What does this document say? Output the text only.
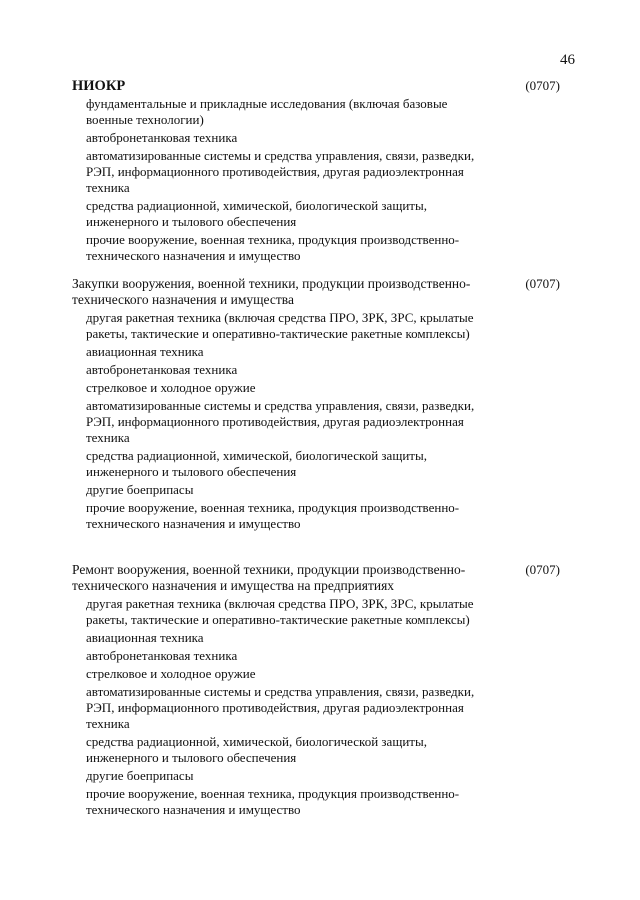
46
НИОКР	(0707)
фундаментальные и прикладные исследования (включая базовые военные технологии)
автобронетанковая техника
автоматизированные системы и средства управления, связи, разведки, РЭП, информационного противодействия, другая радиоэлектронная техника
средства радиационной, химической, биологической защиты, инженерного и тылового обеспечения
прочие вооружение, военная техника, продукция производственно-технического назначения и имущество
Закупки вооружения, военной техники, продукции производственно-технического назначения и имущества
(0707)
другая ракетная техника (включая средства ПРО, ЗРК, ЗРС, крылатые ракеты, тактические и оперативно-тактические ракетные комплексы)
авиационная техника
автобронетанковая техника
стрелковое и холодное оружие
автоматизированные системы и средства управления, связи, разведки, РЭП, информационного противодействия, другая радиоэлектронная техника
средства радиационной, химической, биологической защиты, инженерного и тылового обеспечения
другие боеприпасы
прочие вооружение, военная техника, продукция производственно-технического назначения и имущество
Ремонт вооружения, военной техники, продукции производственно-технического назначения и имущества на предприятиях
(0707)
другая ракетная техника (включая средства ПРО, ЗРК, ЗРС, крылатые ракеты, тактические и оперативно-тактические ракетные комплексы)
авиационная техника
автобронетанковая техника
стрелковое и холодное оружие
автоматизированные системы и средства управления, связи, разведки, РЭП, информационного противодействия, другая радиоэлектронная техника
средства радиационной, химической, биологической защиты, инженерного и тылового обеспечения
другие боеприпасы
прочие вооружение, военная техника, продукция производственно-технического назначения и имущество
